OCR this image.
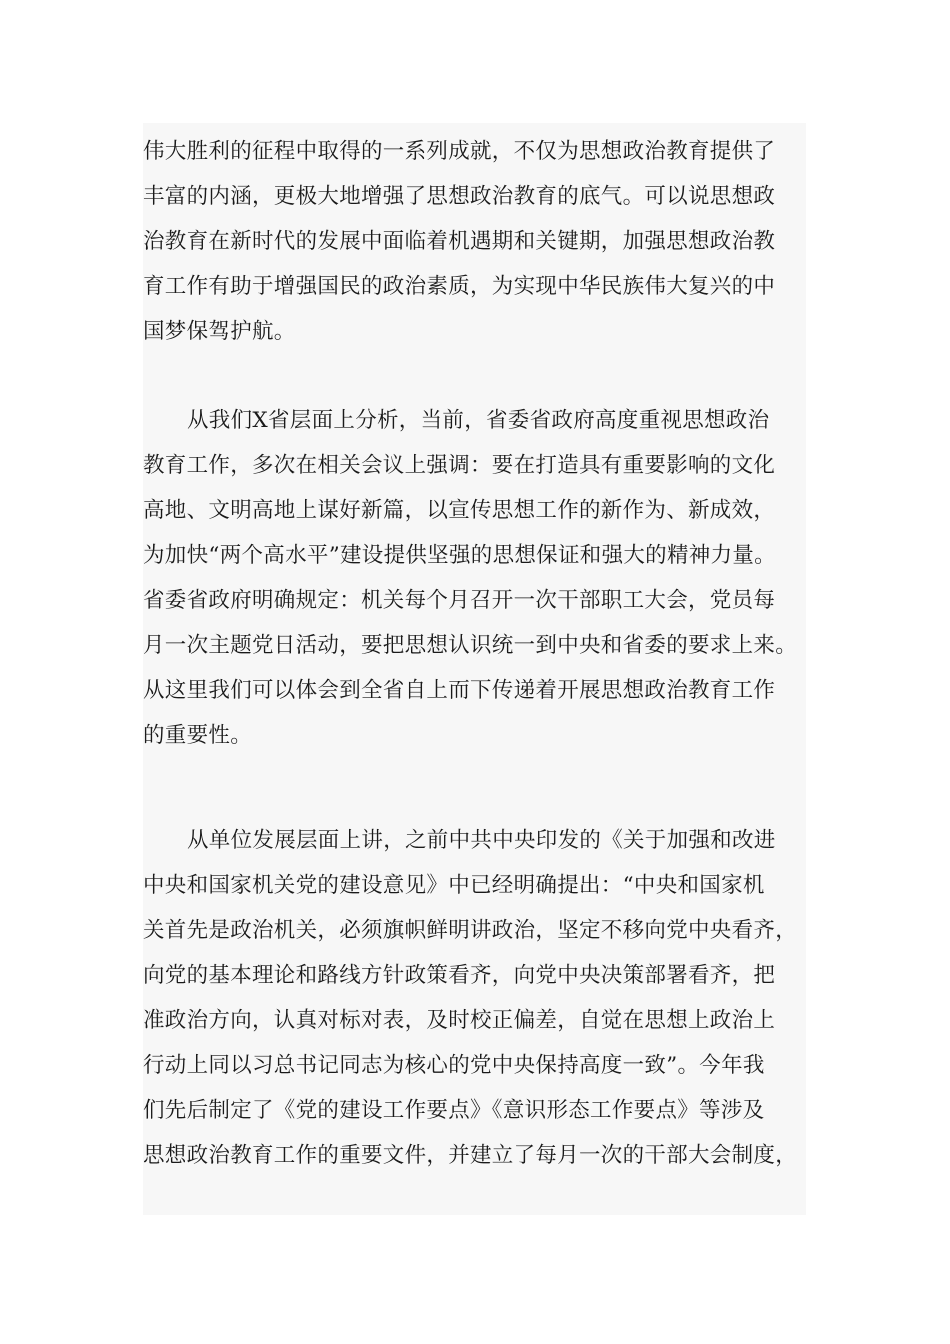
伟大胜利的征程中取得的一系列成就，不仅为思想政治教育提供了
丰富的内涵，更极大地增强了思想政治教育的底气。可以说思想政
治教育在新时代的发展中面临着机遇期和关键期，加强思想政治教
育工作有助于增强国民的政治素质，为实现中华民族伟大复兴的中
国梦保驾护航。
从我们X省层面上分析，当前，省委省政府高度重视思想政治
教育工作，多次在相关会议上强调：要在打造具有重要影响的文化
高地、文明高地上谋好新篇，以宣传思想工作的新作为、新成效，
为加快“两个高水平”建设提供坚强的思想保证和强大的精神力量。
省委省政府明确规定：机关每个月召开一次干部职工大会，党员每
月一次主题党日活动，要把思想认识统一到中央和省委的要求上来。
从这里我们可以体会到全省自上而下传递着开展思想政治教育工作
的重要性。
从单位发展层面上讲，之前中共中央印发的《关于加强和改进
中央和国家机关党的建设意见》中已经明确提出：“中央和国家机
关首先是政治机关，必须旗帜鲜明讲政治，坚定不移向党中央看齐，
向党的基本理论和路线方针政策看齐，向党中央决策部署看齐，把
准政治方向，认真对标对表，及时校正偏差，自觉在思想上政治上
行动上同以习总书记同志为核心的党中央保持高度一致”。今年我
们先后制定了《党的建设工作要点》《意识形态工作要点》等涉及
思想政治教育工作的重要文件，并建立了每月一次的干部大会制度，
